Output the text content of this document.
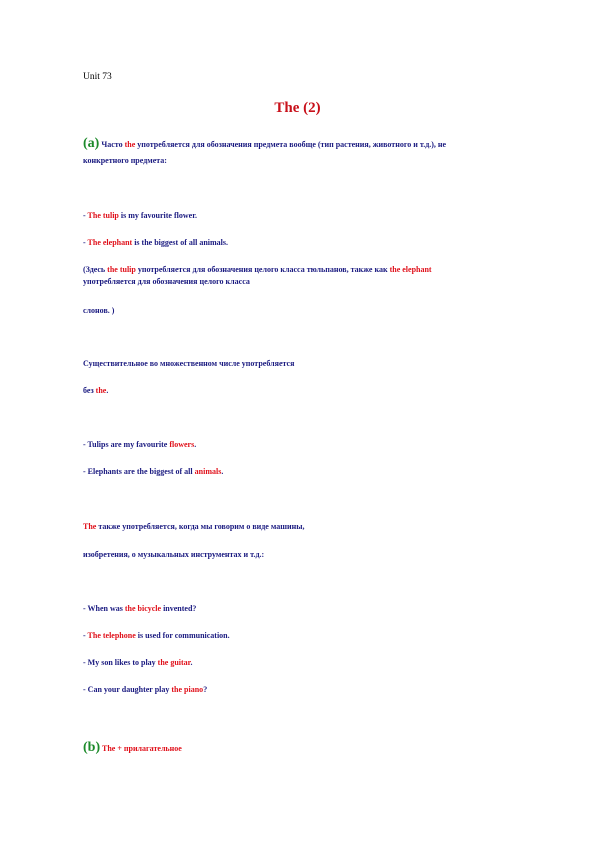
Unit 73
The (2)
(a) Часто the употребляется для обозначения предмета вообще (тип растения, животного и т.д.), не
конкретного предмета:
- The tulip is my favourite flower.
- The elephant is the biggest of all animals.
(Здесь the tulip употребляется для обозначения целого класса тюльпанов, также как the elephant
употребляется для обозначения целого класса
слонов. )
Существительное во множественном числе употребляется
без the.
- Tulips are my favourite flowers.
- Elephants are the biggest of all animals.
The также употребляется, когда мы говорим о виде машины,
изобретения, о музыкальных инструментах и т.д.:
- When was the bicycle invented?
- The telephone is used for communication.
- My son likes to play the guitar.
- Can your daughter play the piano?
(b) The + прилагательное
